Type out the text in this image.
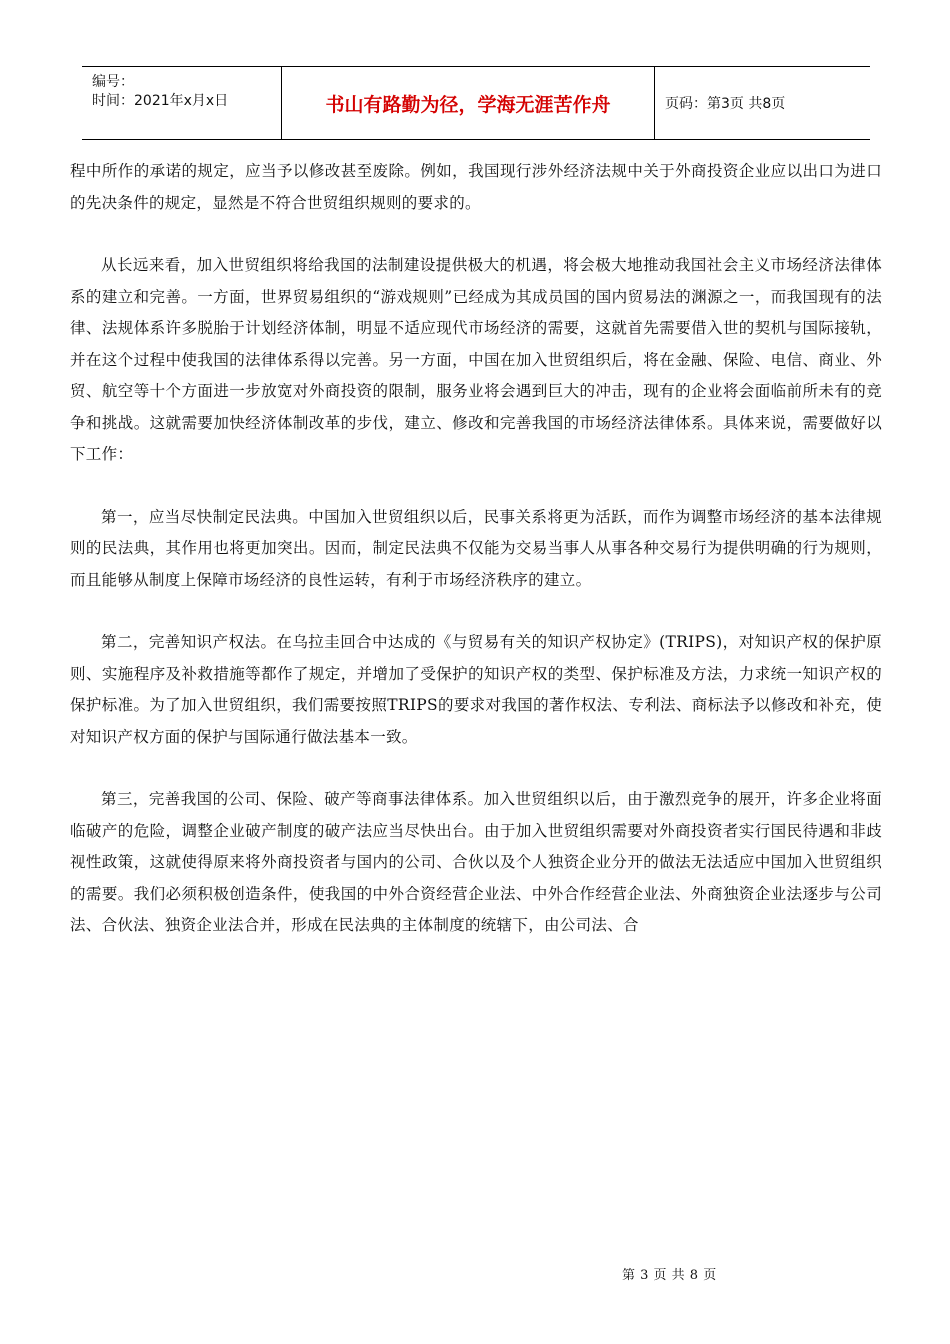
编号：
时间：2021年x月x日	书山有路勤为径，学海无涯苦作舟	页码：第3页 共8页

程中所作的承诺的规定，应当予以修改甚至废除。例如，我国现行涉外经济法规中关于外商投资企业应以出口为进口的先决条件的规定，显然是不符合世贸组织规则的要求的。

从长远来看，加入世贸组织将给我国的法制建设提供极大的机遇，将会极大地推动我国社会主义市场经济法律体系的建立和完善。一方面，世界贸易组织的“游戏规则”已经成为其成员国的国内贸易法的渊源之一，而我国现有的法律、法规体系许多脱胎于计划经济体制，明显不适应现代市场经济的需要，这就首先需要借入世的契机与国际接轨，并在这个过程中使我国的法律体系得以完善。另一方面，中国在加入世贸组织后，将在金融、保险、电信、商业、外贸、航空等十个方面进一步放宽对外商投资的限制，服务业将会遇到巨大的冲击，现有的企业将会面临前所未有的竞争和挑战。这就需要加快经济体制改革的步伐，建立、修改和完善我国的市场经济法律体系。具体来说，需要做好以下工作：

第一，应当尽快制定民法典。中国加入世贸组织以后，民事关系将更为活跃，而作为调整市场经济的基本法律规则的民法典，其作用也将更加突出。因而，制定民法典不仅能为交易当事人从事各种交易行为提供明确的行为规则，而且能够从制度上保障市场经济的良性运转，有利于市场经济秩序的建立。

第二，完善知识产权法。在乌拉圭回合中达成的《与贸易有关的知识产权协定》(TRIPS)，对知识产权的保护原则、实施程序及补救措施等都作了规定，并增加了受保护的知识产权的类型、保护标准及方法，力求统一知识产权的保护标准。为了加入世贸组织，我们需要按照TRIPS的要求对我国的著作权法、专利法、商标法予以修改和补充，使对知识产权方面的保护与国际通行做法基本一致。

第三，完善我国的公司、保险、破产等商事法律体系。加入世贸组织以后，由于激烈竞争的展开，许多企业将面临破产的危险，调整企业破产制度的破产法应当尽快出台。由于加入世贸组织需要对外商投资者实行国民待遇和非歧视性政策，这就使得原来将外商投资者与国内的公司、合伙以及个人独资企业分开的做法无法适应中国加入世贸组织的需要。我们必须积极创造条件，使我国的中外合资经营企业法、中外合作经营企业法、外商独资企业法逐步与公司法、合伙法、独资企业法合并，形成在民法典的主体制度的统辖下，由公司法、合

第 3 页 共 8 页
